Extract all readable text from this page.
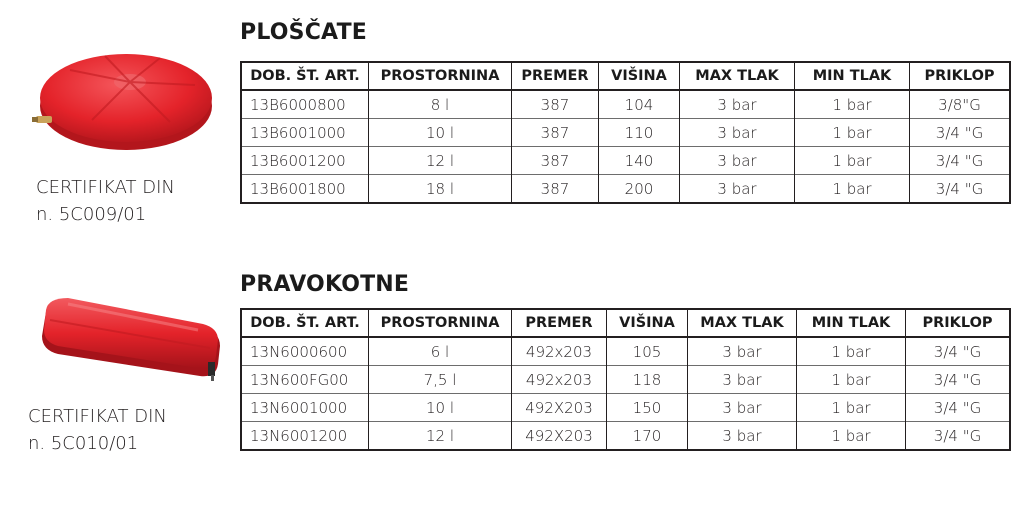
CERTIFIKAT DIN
n. 5C009/01
PLOŠČATE
DOB. ŠT. ART.	PROSTORNINA	PREMER	VIŠINA	MAX TLAK	MIN TLAK	PRIKLOP
13B6000800	8 l	387	104	3 bar	1 bar	3/8"G
13B6001000	10 l	387	110	3 bar	1 bar	3/4 "G
13B6001200	12 l	387	140	3 bar	1 bar	3/4 "G
13B6001800	18 l	387	200	3 bar	1 bar	3/4 "G
CERTIFIKAT DIN
n. 5C010/01
PRAVOKOTNE
DOB. ŠT. ART.	PROSTORNINA	PREMER	VIŠINA	MAX TLAK	MIN TLAK	PRIKLOP
13N6000600	6 l	492x203	105	3 bar	1 bar	3/4 "G
13N600FG00	7,5 l	492x203	118	3 bar	1 bar	3/4 "G
13N6001000	10 l	492X203	150	3 bar	1 bar	3/4 "G
13N6001200	12 l	492X203	170	3 bar	1 bar	3/4 "G
